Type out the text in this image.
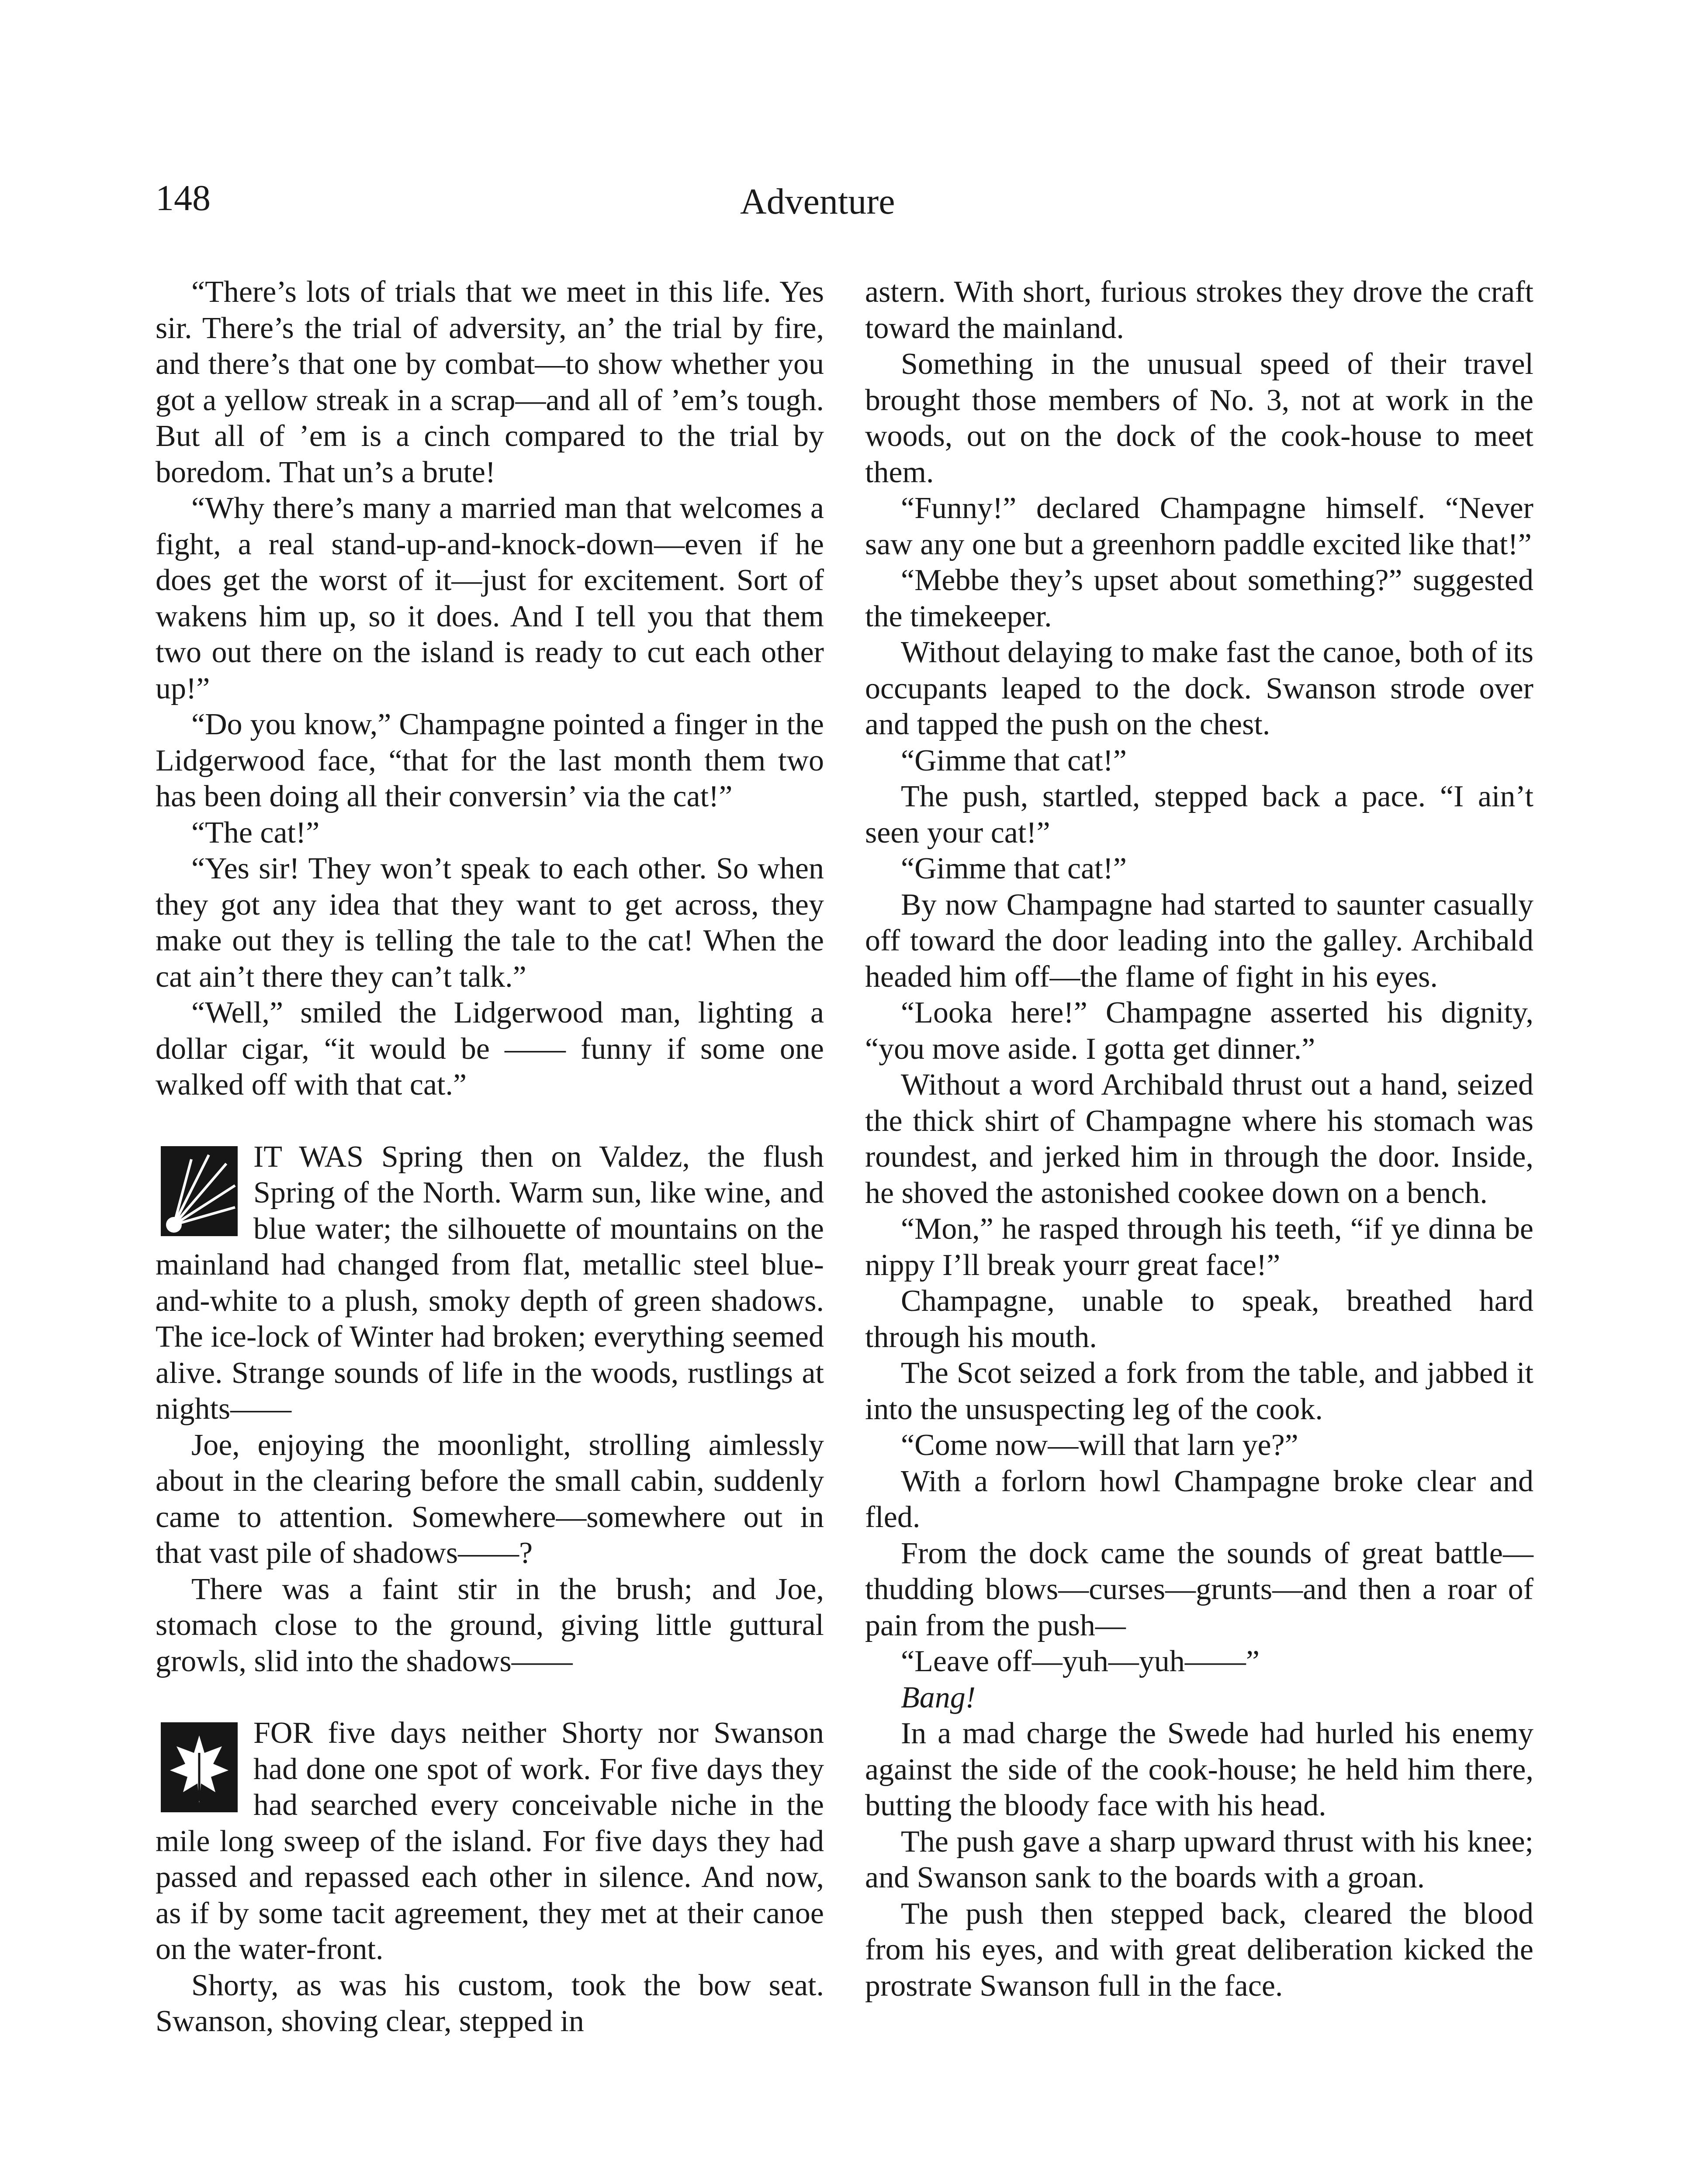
148	Adventure

“There’s lots of trials that we meet in this life. Yes sir. There’s the trial of adversity, an’ the trial by fire, and there’s that one by combat—to show whether you got a yellow streak in a scrap—and all of ’em’s tough. But all of ’em is a cinch compared to the trial by boredom. That un’s a brute!

“Why there’s many a married man that welcomes a fight, a real stand-up-and-knock-down—even if he does get the worst of it—just for excitement. Sort of wakens him up, so it does. And I tell you that them two out there on the island is ready to cut each other up!”

“Do you know,” Champagne pointed a finger in the Lidgerwood face, “that for the last month them two has been doing all their conversin’ via the cat!”

“The cat!”

“Yes sir! They won’t speak to each other. So when they got any idea that they want to get across, they make out they is telling the tale to the cat! When the cat ain’t there they can’t talk.”

“Well,” smiled the Lidgerwood man, lighting a dollar cigar, “it would be —— funny if some one walked off with that cat.”

IT WAS Spring then on Valdez, the flush Spring of the North. Warm sun, like wine, and blue water; the silhouette of mountains on the mainland had changed from flat, metallic steel blue-and-white to a plush, smoky depth of green shadows. The ice-lock of Winter had broken; everything seemed alive. Strange sounds of life in the woods, rustlings at nights——

Joe, enjoying the moonlight, strolling aimlessly about in the clearing before the small cabin, suddenly came to attention. Somewhere—somewhere out in that vast pile of shadows——?

There was a faint stir in the brush; and Joe, stomach close to the ground, giving little guttural growls, slid into the shadows——

FOR five days neither Shorty nor Swanson had done one spot of work. For five days they had searched every conceivable niche in the mile long sweep of the island. For five days they had passed and repassed each other in silence. And now, as if by some tacit agreement, they met at their canoe on the water-front.

Shorty, as was his custom, took the bow seat. Swanson, shoving clear, stepped in

astern. With short, furious strokes they drove the craft toward the mainland.

Something in the unusual speed of their travel brought those members of No. 3, not at work in the woods, out on the dock of the cook-house to meet them.

“Funny!” declared Champagne himself. “Never saw any one but a greenhorn paddle excited like that!”

“Mebbe they’s upset about something?” suggested the timekeeper.

Without delaying to make fast the canoe, both of its occupants leaped to the dock. Swanson strode over and tapped the push on the chest.

“Gimme that cat!”

The push, startled, stepped back a pace. “I ain’t seen your cat!”

“Gimme that cat!”

By now Champagne had started to saunter casually off toward the door leading into the galley. Archibald headed him off—the flame of fight in his eyes.

“Looka here!” Champagne asserted his dignity, “you move aside. I gotta get dinner.”

Without a word Archibald thrust out a hand, seized the thick shirt of Champagne where his stomach was roundest, and jerked him in through the door. Inside, he shoved the astonished cookee down on a bench.

“Mon,” he rasped through his teeth, “if ye dinna be nippy I’ll break yourr great face!”

Champagne, unable to speak, breathed hard through his mouth.

The Scot seized a fork from the table, and jabbed it into the unsuspecting leg of the cook.

“Come now—will that larn ye?”

With a forlorn howl Champagne broke clear and fled.

From the dock came the sounds of great battle—thudding blows—curses—grunts—and then a roar of pain from the push—

“Leave off—yuh—yuh——”

Bang!

In a mad charge the Swede had hurled his enemy against the side of the cook-house; he held him there, butting the bloody face with his head.

The push gave a sharp upward thrust with his knee; and Swanson sank to the boards with a groan.

The push then stepped back, cleared the blood from his eyes, and with great deliberation kicked the prostrate Swanson full in the face.
